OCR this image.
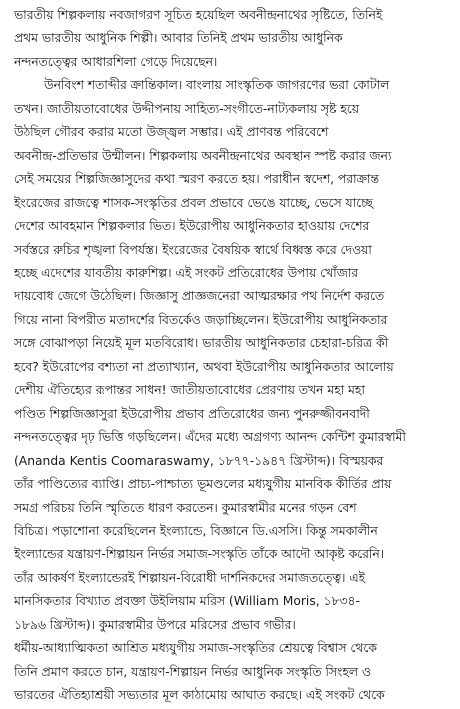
ভারতীয় শিল্পকলায় নবজাগরণ সূচিত হয়েছিল অবনীন্দ্রনাথের সৃষ্টিতে, তিনিই
প্রথম ভারতীয় আধুনিক শিল্পী। আবার তিনিই প্রথম ভারতীয় আধুনিক
নন্দনতত্ত্বের আধারশিলা গেড়ে দিয়েছেন।

উনবিংশ শতাব্দীর ক্রান্তিকাল। বাংলায় সাংস্কৃতিক জাগরণের ভরা কোটাল
তখন। জাতীয়তাবোধের উদ্দীপনায় সাহিত্য-সংগীতে-নাট্যকলায় সৃষ্ট হয়ে
উঠছিল গৌরব করার মতো উজ্জ্বল সম্ভার। এই প্রাণবন্ত পরিবেশে
অবনীন্দ্র-প্রতিভার উন্মীলন। শিল্পকলায় অবনীন্দ্রনাথের অবস্থান স্পষ্ট করার জন্য
সেই সময়ের শিল্পজিজ্ঞাসুদের কথা স্মরণ করতে হয়। পরাধীন স্বদেশ, পরাক্রান্ত
ইংরেজের রাজত্বে শাসক-সংস্কৃতির প্রবল প্রভাবে ভেঙে যাচ্ছে, ভেসে যাচ্ছে
দেশের আবহমান শিল্পকলার ভিত। ইউরোপীয় আধুনিকতার হাওয়ায় দেশের
সর্বস্তরে রুচির শৃঙ্খলা বিপর্যস্ত। ইংরেজের বৈষয়িক স্বার্থে বিধ্বস্ত করে দেওয়া
হচ্ছে এদেশের যাবতীয় কারুশিল্প। এই সংকট প্রতিরোধের উপায় খোঁজার
দায়বোধ জেগে উঠেছিল। জিজ্ঞাসু প্রাজ্ঞজনেরা আত্মরক্ষার পথ নির্দেশ করতে
গিয়ে নানা বিপরীত মতাদর্শের বিতর্কেও জড়াচ্ছিলেন। ইউরোপীয় আধুনিকতার
সঙ্গে বোঝাপড়া নিয়েই মূল মতবিরোধ। ভারতীয় আধুনিকতার চেহারা-চরিত্র কী
হবে? ইউরোপের বশ্যতা না প্রত্যাখ্যান, অথবা ইউরোপীয় আধুনিকতার আলোয়
দেশীয় ঐতিহ্যের রূপান্তর সাধন! জাতীয়তাবোধের প্রেরণায় তখন মহা মহা
পণ্ডিত শিল্পজিজ্ঞাসুরা ইউরোপীয় প্রভাব প্রতিরোধের জন্য পুনরুজ্জীবনবাদী
নন্দনতত্ত্বের দৃঢ় ভিত্তি গড়ছিলেন। এঁদের মধ্যে অগ্রগণ্য আনন্দ কেন্টিশ কুমারস্বামী
(Ananda Kentis Coomaraswamy, ১৮৭৭-১৯৪৭ খ্রিস্টাব্দ)। বিস্ময়কর
তাঁর পাণ্ডিত্যের ব্যাপ্তি। প্রাচ্য-পাশ্চাত্য ভূমণ্ডলের মধ্যযুগীয় মানবিক কীর্তির প্রায়
সমগ্র পরিচয় তিনি স্মৃতিতে ধারণ করতেন। কুমারস্বামীর মনের গড়ন বেশ
বিচিত্র। পড়াশোনা করেছিলেন ইংল্যান্ডে, বিজ্ঞানে ডি.এসসি। কিন্তু সমকালীন
ইংল্যান্ডের যন্ত্রায়ণ-শিল্পায়ন নির্ভর সমাজ-সংস্কৃতি তাঁকে আদৌ আকৃষ্ট করেনি।
তাঁর আকর্ষণ ইংল্যান্ডেরই শিল্পায়ন-বিরোধী দার্শনিকদের সমাজতত্ত্বে। এই
মানসিকতার বিখ্যাত প্রবক্তা উইলিয়াম মরিস (William Moris, ১৮৩৪-
১৮৯৬ খ্রিস্টাব্দ)। কুমারস্বামীর উপরে মরিসের প্রভাব গভীর।
ধর্মীয়-আধ্যাত্মিকতা আশ্রিত মধ্যযুগীয় সমাজ-সংস্কৃতির শ্রেয়ত্বে বিশ্বাস থেকে
তিনি প্রমাণ করতে চান, যন্ত্রায়ণ-শিল্পায়ন নির্ভর আধুনিক সংস্কৃতি সিংহল ও
ভারতের ঐতিহ্যাশ্রয়ী সভ্যতার মূল কাঠামোয় আঘাত করছে। এই সংকট থেকে
